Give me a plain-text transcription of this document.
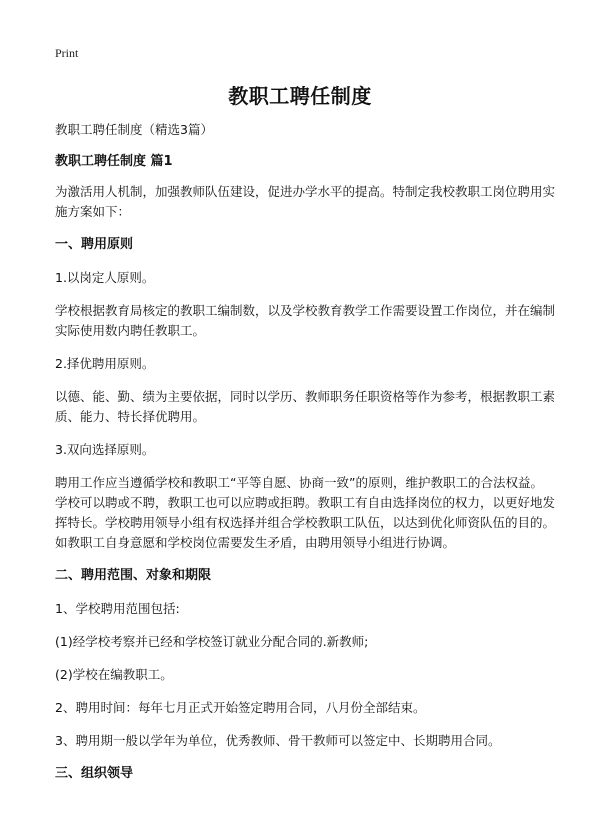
Print
教职工聘任制度

教职工聘任制度（精选3篇）

教职工聘任制度 篇1

为激活用人机制，加强教师队伍建设，促进办学水平的提高。特制定我校教职工岗位聘用实施方案如下：

一、聘用原则

1.以岗定人原则。

学校根据教育局核定的教职工编制数，以及学校教育教学工作需要设置工作岗位，并在编制实际使用数内聘任教职工。

2.择优聘用原则。

以德、能、勤、绩为主要依据，同时以学历、教师职务任职资格等作为参考，根据教职工素质、能力、特长择优聘用。

3.双向选择原则。

聘用工作应当遵循学校和教职工“平等自愿、协商一致”的原则，维护教职工的合法权益。学校可以聘或不聘，教职工也可以应聘或拒聘。教职工有自由选择岗位的权力，以更好地发挥特长。学校聘用领导小组有权选择并组合学校教职工队伍，以达到优化师资队伍的目的。如教职工自身意愿和学校岗位需要发生矛盾，由聘用领导小组进行协调。

二、聘用范围、对象和期限

1、学校聘用范围包括:

(1)经学校考察并已经和学校签订就业分配合同的.新教师;

(2)学校在编教职工。

2、聘用时间：每年七月正式开始签定聘用合同，八月份全部结束。

3、聘用期一般以学年为单位，优秀教师、骨干教师可以签定中、长期聘用合同。

三、组织领导
